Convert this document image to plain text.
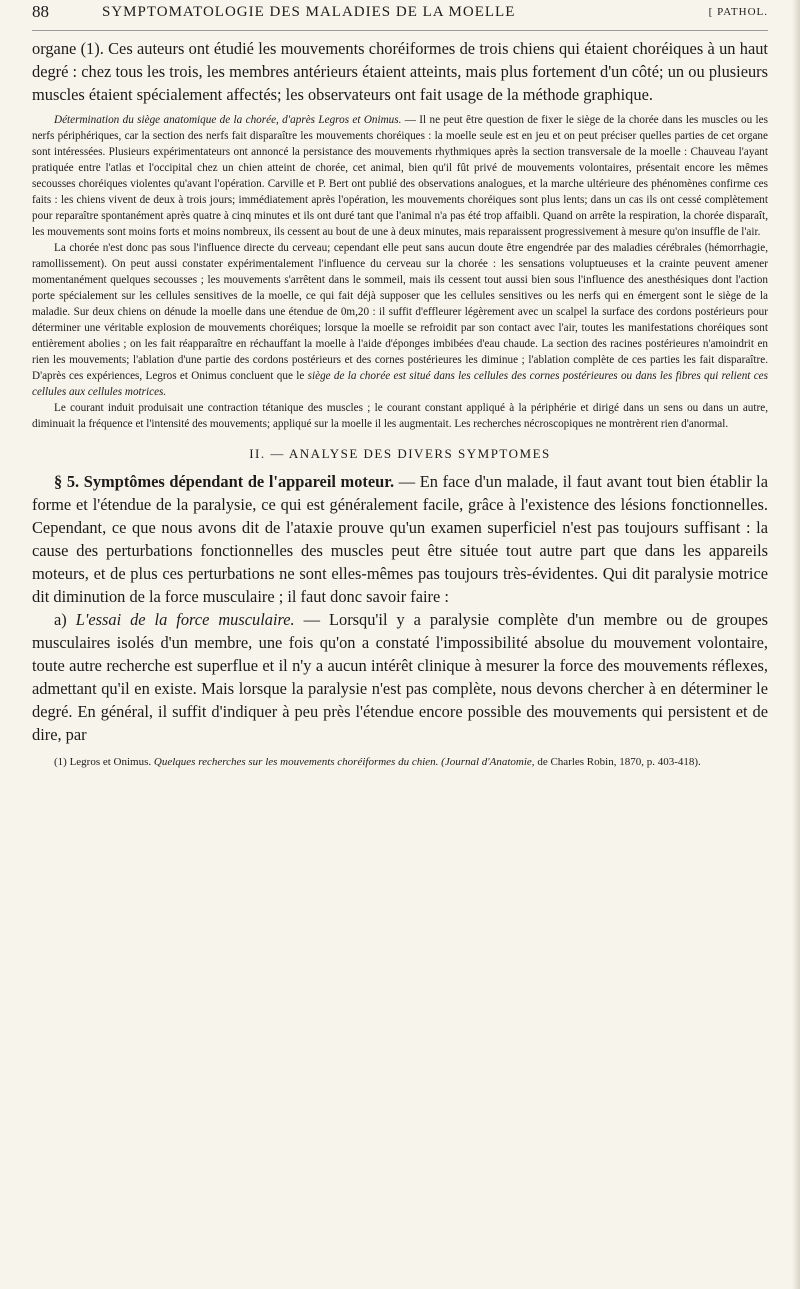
88	SYMPTOMATOLOGIE DES MALADIES DE LA MOELLE	[ PATHOL.

organe (1). Ces auteurs ont étudié les mouvements choréiformes de trois chiens qui étaient choréiques à un haut degré : chez tous les trois, les membres antérieurs étaient atteints, mais plus fortement d'un côté; un ou plusieurs muscles étaient spécialement affectés; les observateurs ont fait usage de la méthode graphique.

Détermination du siège anatomique de la chorée, d'après Legros et Onimus. — Il ne peut être question de fixer le siège de la chorée dans les muscles ou les nerfs périphériques, car la section des nerfs fait disparaître les mouvements choréiques : la moelle seule est en jeu et on peut préciser quelles parties de cet organe sont intéressées. Plusieurs expérimentateurs ont annoncé la persistance des mouvements rhythmiques après la section transversale de la moelle : Chauveau l'ayant pratiquée entre l'atlas et l'occipital chez un chien atteint de chorée, cet animal, bien qu'il fût privé de mouvements volontaires, présentait encore les mêmes secousses choréiques violentes qu'avant l'opération. Carville et P. Bert ont publié des observations analogues, et la marche ultérieure des phénomènes confirme ces faits : les chiens vivent de deux à trois jours; immédiatement après l'opération, les mouvements choréiques sont plus lents; dans un cas ils ont cessé complètement pour reparaître spontanément après quatre à cinq minutes et ils ont duré tant que l'animal n'a pas été trop affaibli. Quand on arrête la respiration, la chorée disparaît, les mouvements sont moins forts et moins nombreux, ils cessent au bout de une à deux minutes, mais reparaissent progressivement à mesure qu'on insuffle de l'air.

La chorée n'est donc pas sous l'influence directe du cerveau; cependant elle peut sans aucun doute être engendrée par des maladies cérébrales (hémorrhagie, ramollissement). On peut aussi constater expérimentalement l'influence du cerveau sur la chorée : les sensations voluptueuses et la crainte peuvent amener momentanément quelques secousses ; les mouvements s'arrêtent dans le sommeil, mais ils cessent tout aussi bien sous l'influence des anesthésiques dont l'action porte spécialement sur les cellules sensitives de la moelle, ce qui fait déjà supposer que les cellules sensitives ou les nerfs qui en émergent sont le siège de la maladie. Sur deux chiens on dénude la moelle dans une étendue de 0m,20 : il suffit d'effleurer légèrement avec un scalpel la surface des cordons postérieurs pour déterminer une véritable explosion de mouvements choréiques; lorsque la moelle se refroidit par son contact avec l'air, toutes les manifestations choréiques sont entièrement abolies ; on les fait réapparaître en réchauffant la moelle à l'aide d'éponges imbibées d'eau chaude. La section des racines postérieures n'amoindrit en rien les mouvements; l'ablation d'une partie des cordons postérieurs et des cornes postérieures les diminue ; l'ablation complète de ces parties les fait disparaître. D'après ces expériences, Legros et Onimus concluent que le siège de la chorée est situé dans les cellules des cornes postérieures ou dans les fibres qui relient ces cellules aux cellules motrices.

Le courant induit produisait une contraction tétanique des muscles ; le courant constant appliqué à la périphérie et dirigé dans un sens ou dans un autre, diminuait la fréquence et l'intensité des mouvements; appliqué sur la moelle il les augmentait. Les recherches nécroscopiques ne montrèrent rien d'anormal.

II. — ANALYSE DES DIVERS SYMPTOMES

§ 5. Symptômes dépendant de l'appareil moteur. — En face d'un malade, il faut avant tout bien établir la forme et l'étendue de la paralysie, ce qui est généralement facile, grâce à l'existence des lésions fonctionnelles. Cependant, ce que nous avons dit de l'ataxie prouve qu'un examen superficiel n'est pas toujours suffisant : la cause des perturbations fonctionnelles des muscles peut être située tout autre part que dans les appareils moteurs, et de plus ces perturbations ne sont elles-mêmes pas toujours très-évidentes. Qui dit paralysie motrice dit diminution de la force musculaire ; il faut donc savoir faire :

a) L'essai de la force musculaire. — Lorsqu'il y a paralysie complète d'un membre ou de groupes musculaires isolés d'un membre, une fois qu'on a constaté l'impossibilité absolue du mouvement volontaire, toute autre recherche est superflue et il n'y a aucun intérêt clinique à mesurer la force des mouvements réflexes, admettant qu'il en existe. Mais lorsque la paralysie n'est pas complète, nous devons chercher à en déterminer le degré. En général, il suffit d'indiquer à peu près l'étendue encore possible des mouvements qui persistent et de dire, par

(1) Legros et Onimus. Quelques recherches sur les mouvements choréiformes du chien. (Journal d'Anatomie, de Charles Robin, 1870, p. 403-418).
